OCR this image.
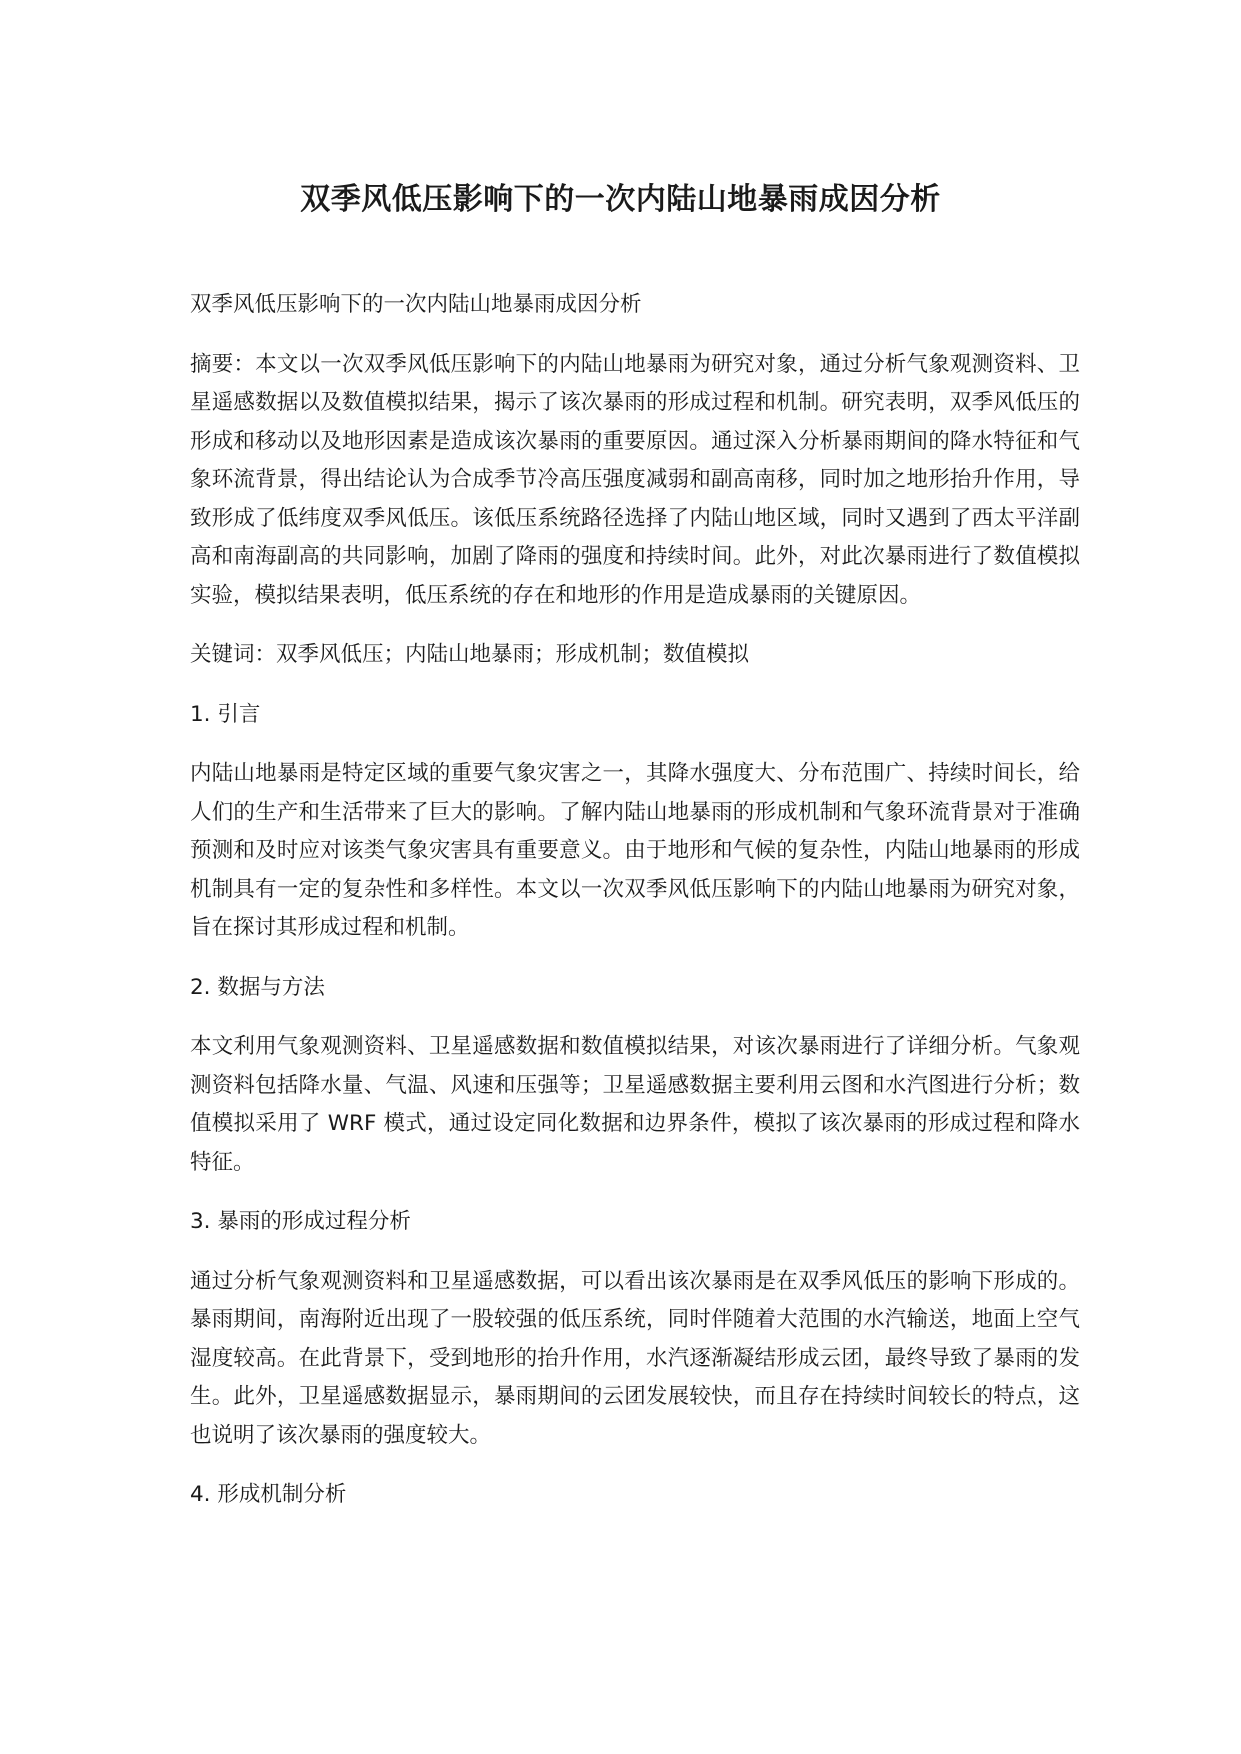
双季风低压影响下的一次内陆山地暴雨成因分析

双季风低压影响下的一次内陆山地暴雨成因分析

摘要：本文以一次双季风低压影响下的内陆山地暴雨为研究对象，通过分析气象观测资料、卫星遥感数据以及数值模拟结果，揭示了该次暴雨的形成过程和机制。研究表明，双季风低压的形成和移动以及地形因素是造成该次暴雨的重要原因。通过深入分析暴雨期间的降水特征和气象环流背景，得出结论认为合成季节冷高压强度减弱和副高南移，同时加之地形抬升作用，导致形成了低纬度双季风低压。该低压系统路径选择了内陆山地区域，同时又遇到了西太平洋副高和南海副高的共同影响，加剧了降雨的强度和持续时间。此外，对此次暴雨进行了数值模拟实验，模拟结果表明，低压系统的存在和地形的作用是造成暴雨的关键原因。

关键词：双季风低压；内陆山地暴雨；形成机制；数值模拟

1. 引言

内陆山地暴雨是特定区域的重要气象灾害之一，其降水强度大、分布范围广、持续时间长，给人们的生产和生活带来了巨大的影响。了解内陆山地暴雨的形成机制和气象环流背景对于准确预测和及时应对该类气象灾害具有重要意义。由于地形和气候的复杂性，内陆山地暴雨的形成机制具有一定的复杂性和多样性。本文以一次双季风低压影响下的内陆山地暴雨为研究对象，旨在探讨其形成过程和机制。

2. 数据与方法

本文利用气象观测资料、卫星遥感数据和数值模拟结果，对该次暴雨进行了详细分析。气象观测资料包括降水量、气温、风速和压强等；卫星遥感数据主要利用云图和水汽图进行分析；数值模拟采用了 WRF 模式，通过设定同化数据和边界条件，模拟了该次暴雨的形成过程和降水特征。

3. 暴雨的形成过程分析

通过分析气象观测资料和卫星遥感数据，可以看出该次暴雨是在双季风低压的影响下形成的。暴雨期间，南海附近出现了一股较强的低压系统，同时伴随着大范围的水汽输送，地面上空气湿度较高。在此背景下，受到地形的抬升作用，水汽逐渐凝结形成云团，最终导致了暴雨的发生。此外，卫星遥感数据显示，暴雨期间的云团发展较快，而且存在持续时间较长的特点，这也说明了该次暴雨的强度较大。

4. 形成机制分析
